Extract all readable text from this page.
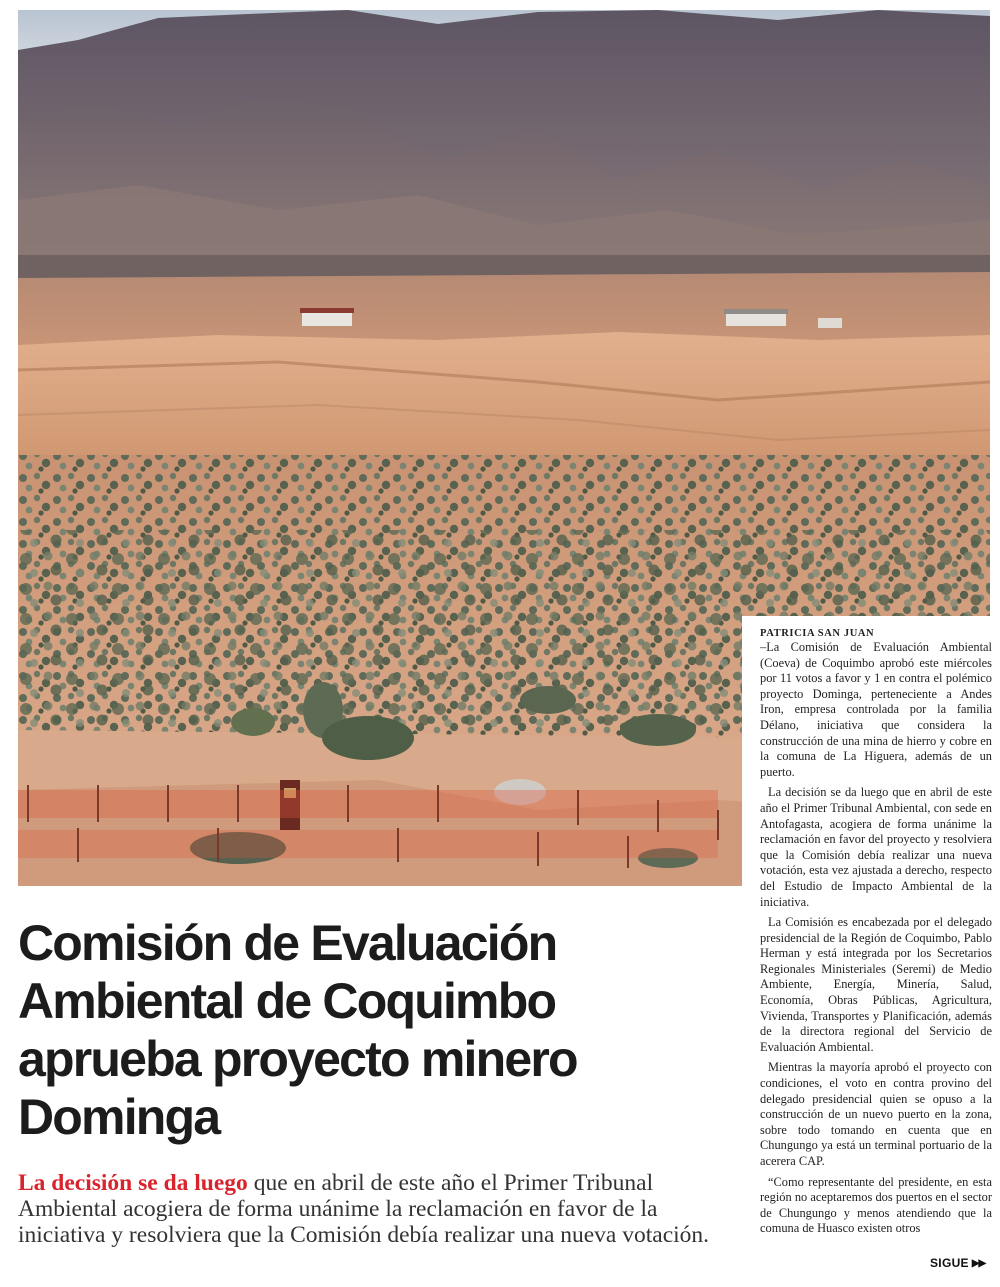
PATRICIA SAN JUAN

–La Comisión de Evaluación Ambiental (Coeva) de Coquimbo aprobó este miércoles por 11 votos a favor y 1 en contra el polémico proyecto Dominga, perteneciente a Andes Iron, empresa controlada por la familia Délano, iniciativa que considera la construcción de una mina de hierro y cobre en la comuna de La Higuera, además de un puerto.

La decisión se da luego que en abril de este año el Primer Tribunal Ambiental, con sede en Antofagasta, acogiera de forma unánime la reclamación en favor del proyecto y resolviera que la Comisión debía realizar una nueva votación, esta vez ajustada a derecho, respecto del Estudio de Impacto Ambiental de la iniciativa.

La Comisión es encabezada por el delegado presidencial de la Región de Coquimbo, Pablo Herman y está integrada por los Secretarios Regionales Ministeriales (Seremi) de Medio Ambiente, Energía, Minería, Salud, Economía, Obras Públicas, Agricultura, Vivienda, Transportes y Planificación, además de la directora regional del Servicio de Evaluación Ambiental.

Mientras la mayoría aprobó el proyecto con condiciones, el voto en contra provino del delegado presidencial quien se opuso a la construcción de un nuevo puerto en la zona, sobre todo tomando en cuenta que en Chungungo ya está un terminal portuario de la acerera CAP.

“Como representante del presidente, en esta región no aceptaremos dos puertos en el sector de Chungungo y menos atendiendo que la comuna de Huasco existen otros

Comisión de Evaluación Ambiental de Coquimbo aprueba proyecto minero Dominga

La decisión se da luego que en abril de este año el Primer Tribunal Ambiental acogiera de forma unánime la reclamación en favor de la iniciativa y resolviera que la Comisión debía realizar una nueva votación.

SIGUE ▶▶
